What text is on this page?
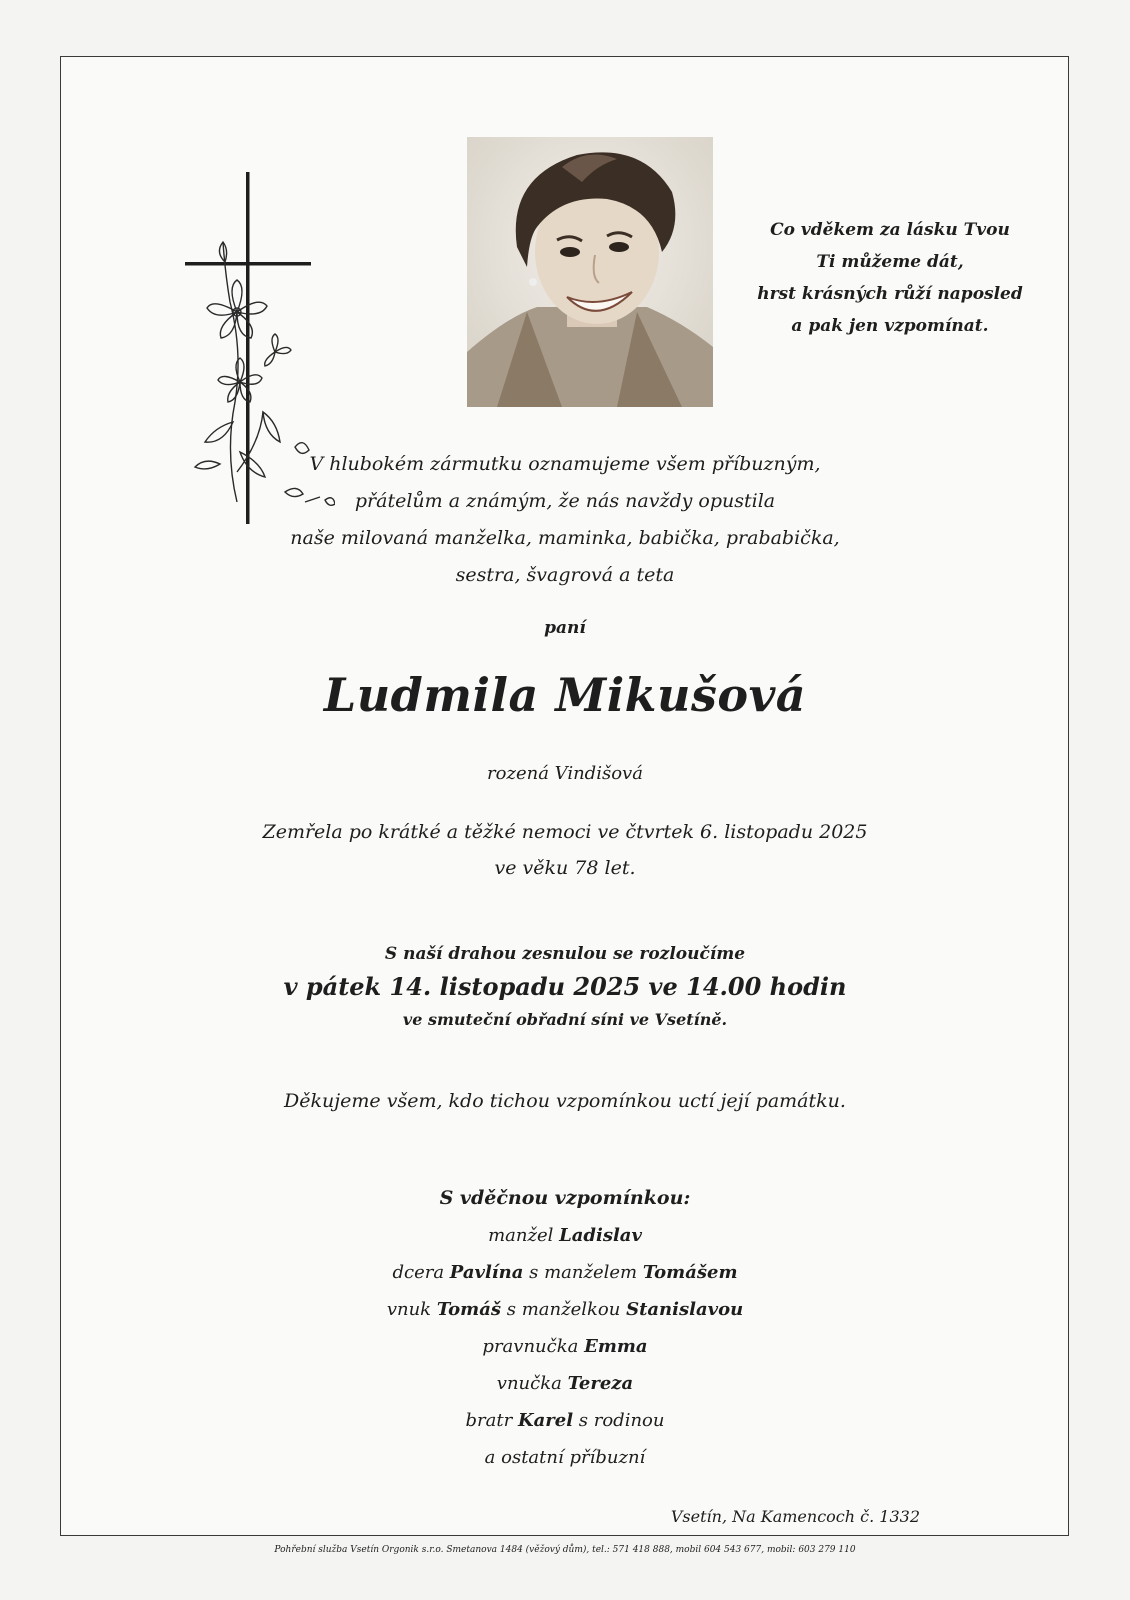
Co vděkem za lásku Tvou
Ti můžeme dát,
hrst krásných růží naposled
a pak jen vzpomínat.
V hlubokém zármutku oznamujeme všem příbuzným,
přátelům a známým, že nás navždy opustila
naše milovaná manželka, maminka, babička, prababička,
sestra, švagrová a teta
paní
Ludmila Mikušová
rozená Vindišová
Zemřela po krátké a těžké nemoci ve čtvrtek 6. listopadu 2025
ve věku 78 let.
S naší drahou zesnulou se rozloučíme
v pátek 14. listopadu 2025 ve 14.00 hodin
ve smuteční obřadní síni ve Vsetíně.
Děkujeme všem, kdo tichou vzpomínkou uctí její památku.
S vděčnou vzpomínkou:
manžel Ladislav
dcera Pavlína s manželem Tomášem
vnuk Tomáš s manželkou Stanislavou
pravnučka Emma
vnučka Tereza
bratr Karel s rodinou
a ostatní příbuzní
Vsetín, Na Kamencoch č. 1332
Pohřební služba Vsetín Orgonik s.r.o. Smetanova 1484 (věžový dům), tel.: 571 418 888, mobil 604 543 677, mobil: 603 279 110
